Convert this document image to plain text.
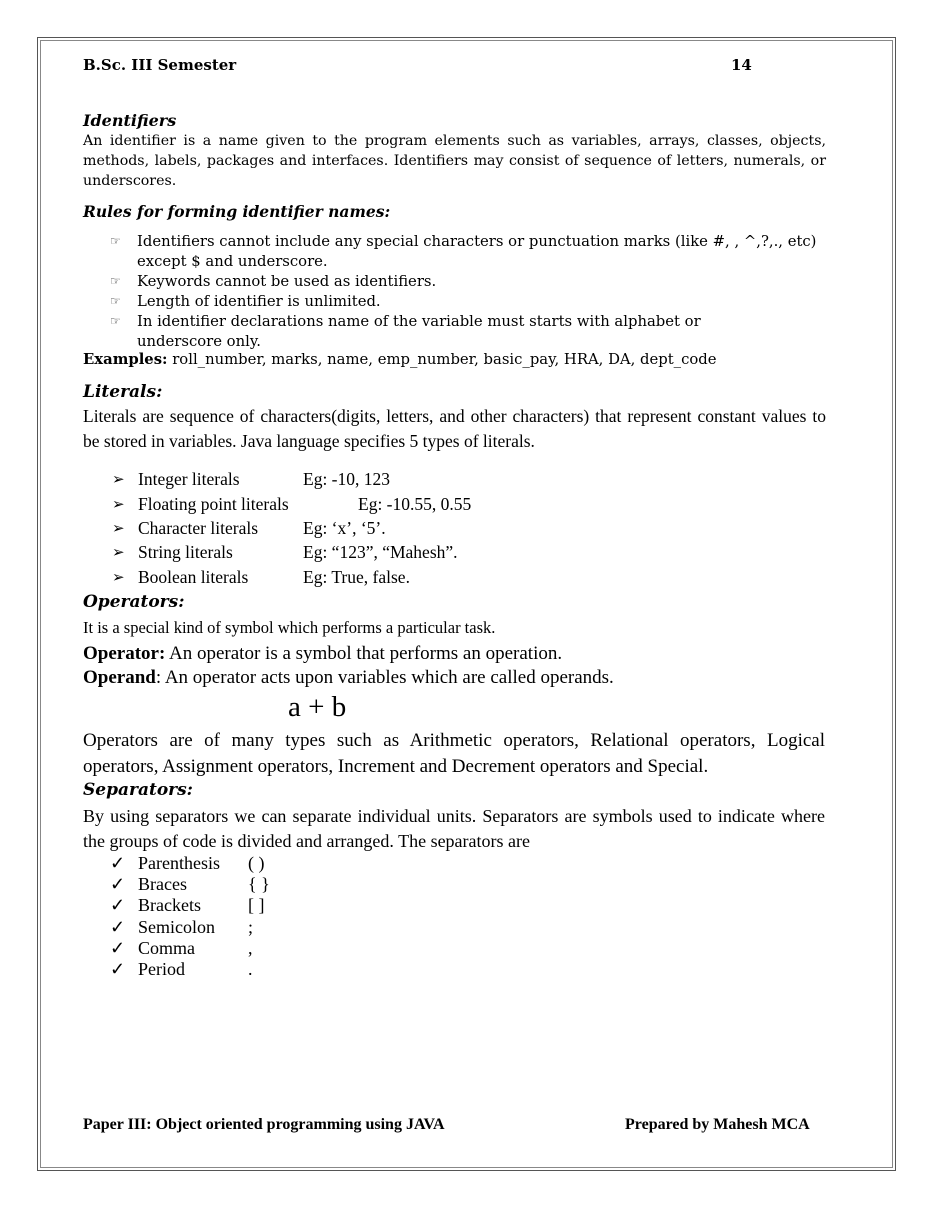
B.Sc. III Semester	14
Identifiers
An identifier is a name given to the program elements such as variables, arrays, classes, objects, methods, labels, packages and interfaces. Identifiers may consist of sequence of letters, numerals, or underscores.
Rules for forming identifier names:
☞ Identifiers cannot include any special characters or punctuation marks (like #, , ^,?,., etc) except $ and underscore.
☞ Keywords cannot be used as identifiers.
☞ Length of identifier is unlimited.
☞ In identifier declarations name of the variable must starts with alphabet or underscore only.
Examples: roll_number, marks, name, emp_number, basic_pay, HRA, DA, dept_code
Literals:
Literals are sequence of characters(digits, letters, and other characters) that represent constant values to be stored in variables. Java language specifies 5 types of literals.
➢ Integer literals	Eg: -10, 123
➢ Floating point literals	Eg: -10.55, 0.55
➢ Character literals	Eg: ‘x’, ‘5’.
➢ String literals	Eg: “123”, “Mahesh”.
➢ Boolean literals	Eg: True, false.
Operators:
It is a special kind of symbol which performs a particular task.
Operator: An operator is a symbol that performs an operation.
Operand: An operator acts upon variables which are called operands.
a + b
Operators are of many types such as Arithmetic operators, Relational operators, Logical operators, Assignment operators, Increment and Decrement operators and Special.
Separators:
By using separators we can separate individual units. Separators are symbols used to indicate where the groups of code is divided and arranged. The separators are
✓ Parenthesis ( )
✓ Braces	{ }
✓ Brackets	[ ]
✓ Semicolon ;
✓ Comma	,
✓ Period	.
Paper III: Object oriented programming using JAVA	Prepared by Mahesh MCA
